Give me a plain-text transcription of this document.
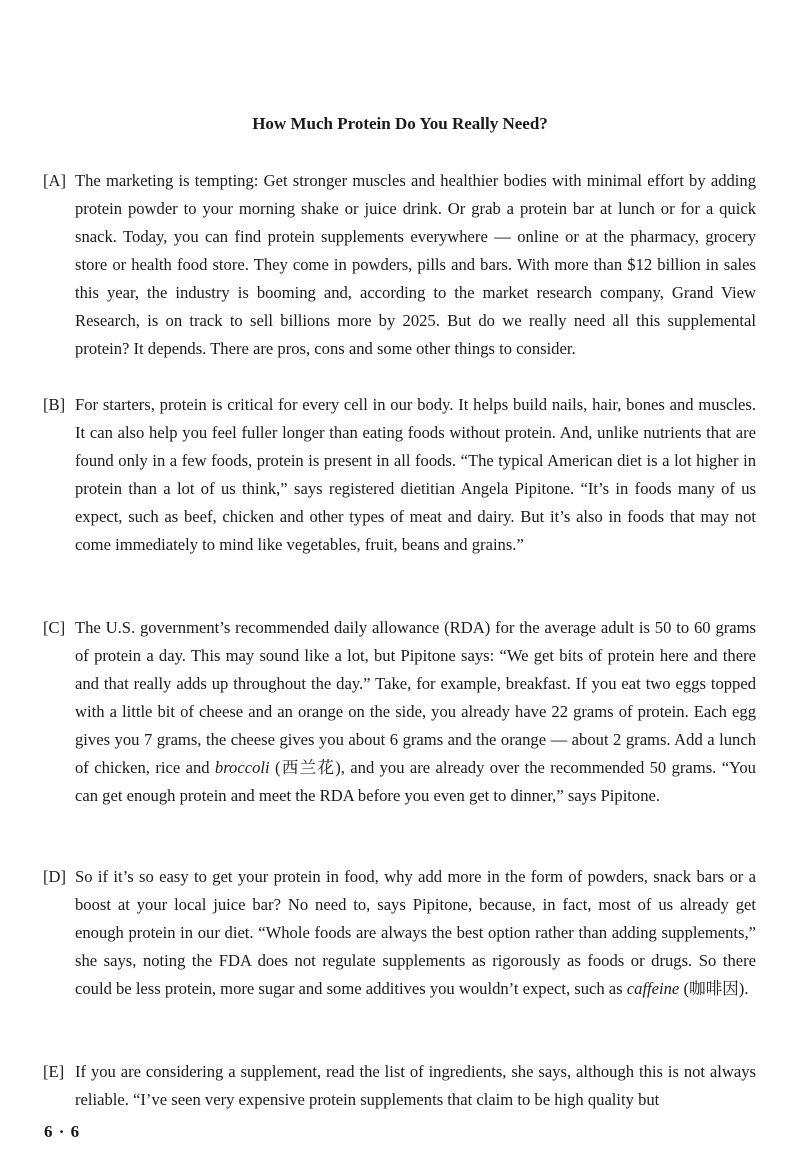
How Much Protein Do You Really Need?

[A] The marketing is tempting: Get stronger muscles and healthier bodies with minimal effort by adding protein powder to your morning shake or juice drink. Or grab a protein bar at lunch or for a quick snack. Today, you can find protein supplements everywhere — online or at the pharmacy, grocery store or health food store. They come in powders, pills and bars. With more than $12 billion in sales this year, the industry is booming and, according to the market research company, Grand View Research, is on track to sell billions more by 2025. But do we really need all this supplemental protein? It depends. There are pros, cons and some other things to consider.

[B] For starters, protein is critical for every cell in our body. It helps build nails, hair, bones and muscles. It can also help you feel fuller longer than eating foods without protein. And, unlike nutrients that are found only in a few foods, protein is present in all foods. “The typical American diet is a lot higher in protein than a lot of us think,” says registered dietitian Angela Pipitone. “It’s in foods many of us expect, such as beef, chicken and other types of meat and dairy. But it’s also in foods that may not come immediately to mind like vegetables, fruit, beans and grains.”

[C] The U.S. government’s recommended daily allowance (RDA) for the average adult is 50 to 60 grams of protein a day. This may sound like a lot, but Pipitone says: “We get bits of protein here and there and that really adds up throughout the day.” Take, for example, breakfast. If you eat two eggs topped with a little bit of cheese and an orange on the side, you already have 22 grams of protein. Each egg gives you 7 grams, the cheese gives you about 6 grams and the orange — about 2 grams. Add a lunch of chicken, rice and broccoli (西兰花), and you are already over the recommended 50 grams. “You can get enough protein and meet the RDA before you even get to dinner,” says Pipitone.

[D] So if it’s so easy to get your protein in food, why add more in the form of powders, snack bars or a boost at your local juice bar? No need to, says Pipitone, because, in fact, most of us already get enough protein in our diet. “Whole foods are always the best option rather than adding supplements,” she says, noting the FDA does not regulate supplements as rigorously as foods or drugs. So there could be less protein, more sugar and some additives you wouldn’t expect, such as caffeine (咖啡因).

[E] If you are considering a supplement, read the list of ingredients, she says, although this is not always reliable. “I’ve seen very expensive protein supplements that claim to be high quality but

6 · 6
